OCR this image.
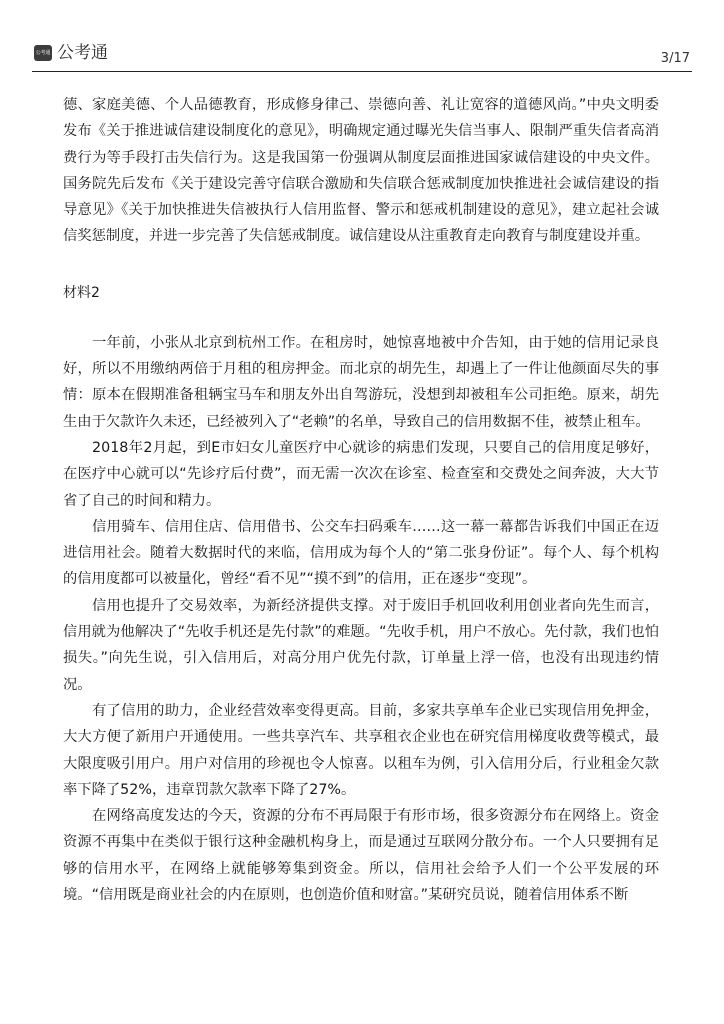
公考通 公考通	3/17

德、家庭美德、个人品德教育，形成修身律己、崇德向善、礼让宽容的道德风尚。”中央文明委发布《关于推进诚信建设制度化的意见》，明确规定通过曝光失信当事人、限制严重失信者高消费行为等手段打击失信行为。这是我国第一份强调从制度层面推进国家诚信建设的中央文件。国务院先后发布《关于建设完善守信联合激励和失信联合惩戒制度加快推进社会诚信建设的指导意见》《关于加快推进失信被执行人信用监督、警示和惩戒机制建设的意见》，建立起社会诚信奖惩制度，并进一步完善了失信惩戒制度。诚信建设从注重教育走向教育与制度建设并重。

材料2

一年前，小张从北京到杭州工作。在租房时，她惊喜地被中介告知，由于她的信用记录良好，所以不用缴纳两倍于月租的租房押金。而北京的胡先生，却遇上了一件让他颜面尽失的事情：原本在假期准备租辆宝马车和朋友外出自驾游玩，没想到却被租车公司拒绝。原来，胡先生由于欠款许久未还，已经被列入了“老赖”的名单，导致自己的信用数据不佳，被禁止租车。

2018年2月起，到E市妇女儿童医疗中心就诊的病患们发现，只要自己的信用度足够好，在医疗中心就可以“先诊疗后付费”，而无需一次次在诊室、检查室和交费处之间奔波，大大节省了自己的时间和精力。

信用骑车、信用住店、信用借书、公交车扫码乘车……这一幕一幕都告诉我们中国正在迈进信用社会。随着大数据时代的来临，信用成为每个人的“第二张身份证”。每个人、每个机构的信用度都可以被量化，曾经“看不见”“摸不到”的信用，正在逐步“变现”。

信用也提升了交易效率，为新经济提供支撑。对于废旧手机回收利用创业者向先生而言，信用就为他解决了“先收手机还是先付款”的难题。“先收手机，用户不放心。先付款，我们也怕损失。”向先生说，引入信用后，对高分用户优先付款，订单量上浮一倍，也没有出现违约情况。

有了信用的助力，企业经营效率变得更高。目前，多家共享单车企业已实现信用免押金，大大方便了新用户开通使用。一些共享汽车、共享租衣企业也在研究信用梯度收费等模式，最大限度吸引用户。用户对信用的珍视也令人惊喜。以租车为例，引入信用分后，行业租金欠款率下降了52%，违章罚款欠款率下降了27%。

在网络高度发达的今天，资源的分布不再局限于有形市场，很多资源分布在网络上。资金资源不再集中在类似于银行这种金融机构身上，而是通过互联网分散分布。一个人只要拥有足够的信用水平，在网络上就能够筹集到资金。所以，信用社会给予人们一个公平发展的环境。“信用既是商业社会的内在原则，也创造价值和财富。”某研究员说，随着信用体系不断
